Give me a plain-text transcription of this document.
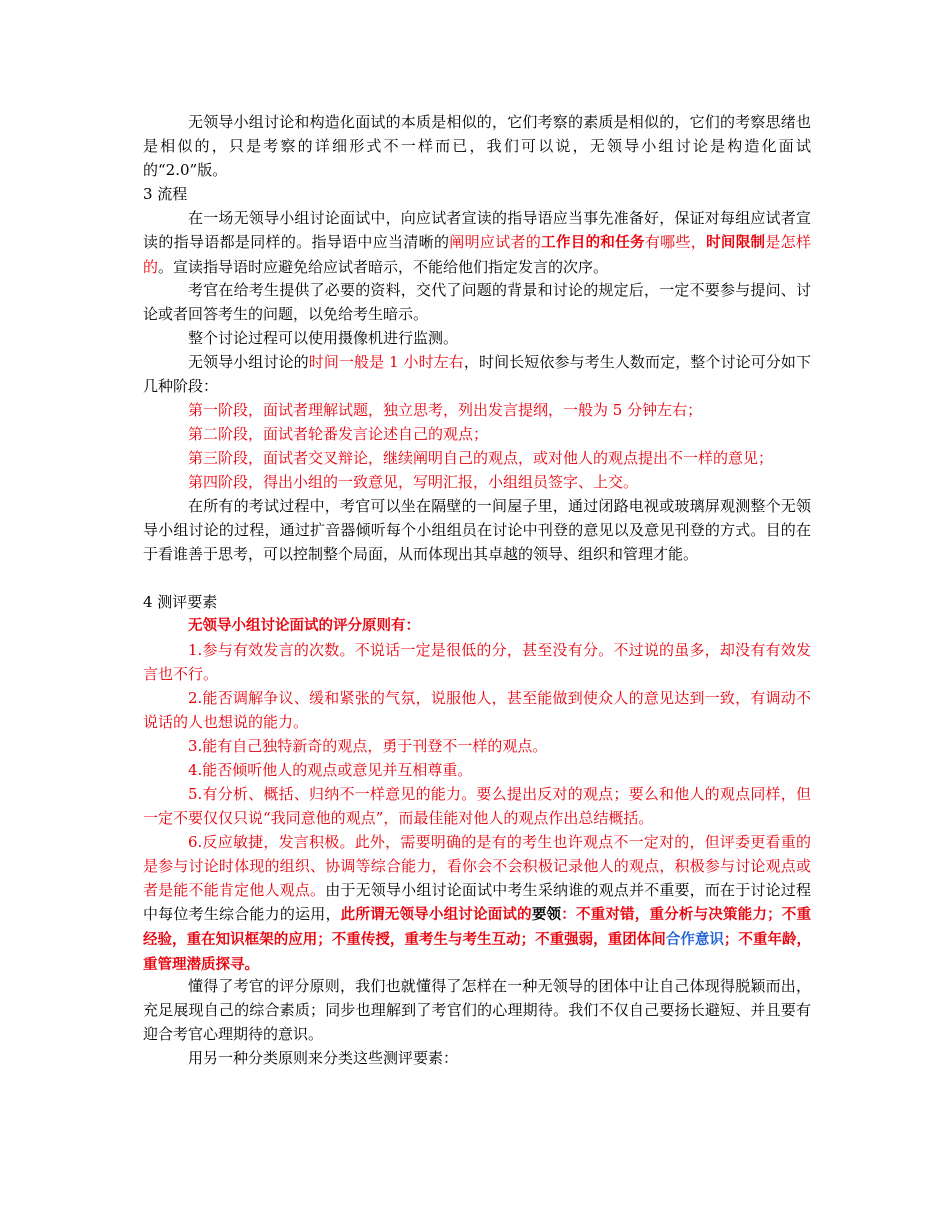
无领导小组讨论和构造化面试的本质是相似的，它们考察的素质是相似的，它们的考察思绪也是相似的，只是考察的详细形式不一样而已，我们可以说，无领导小组讨论是构造化面试的“2.0”版。

3 流程

在一场无领导小组讨论面试中，向应试者宣读的指导语应当事先准备好，保证对每组应试者宣读的指导语都是同样的。指导语中应当清晰的阐明应试者的工作目的和任务有哪些，时间限制是怎样的。宣读指导语时应避免给应试者暗示，不能给他们指定发言的次序。

考官在给考生提供了必要的资料，交代了问题的背景和讨论的规定后，一定不要参与提问、讨论或者回答考生的问题，以免给考生暗示。

整个讨论过程可以使用摄像机进行监测。

无领导小组讨论的时间一般是 1 小时左右，时间长短依参与考生人数而定，整个讨论可分如下几种阶段：

第一阶段，面试者理解试题，独立思考，列出发言提纲，一般为 5 分钟左右；

第二阶段，面试者轮番发言论述自己的观点；

第三阶段，面试者交叉辩论，继续阐明自己的观点，或对他人的观点提出不一样的意见；

第四阶段，得出小组的一致意见，写明汇报，小组组员签字、上交。

在所有的考试过程中，考官可以坐在隔壁的一间屋子里，通过闭路电视或玻璃屏观测整个无领导小组讨论的过程，通过扩音器倾听每个小组组员在讨论中刊登的意见以及意见刊登的方式。目的在于看谁善于思考，可以控制整个局面，从而体现出其卓越的领导、组织和管理才能。

4 测评要素

无领导小组讨论面试的评分原则有：

1.参与有效发言的次数。不说话一定是很低的分，甚至没有分。不过说的虽多，却没有有效发言也不行。

2.能否调解争议、缓和紧张的气氛，说服他人，甚至能做到使众人的意见达到一致，有调动不说话的人也想说的能力。

3.能有自己独特新奇的观点，勇于刊登不一样的观点。

4.能否倾听他人的观点或意见并互相尊重。

5.有分析、概括、归纳不一样意见的能力。要么提出反对的观点；要么和他人的观点同样，但一定不要仅仅只说“我同意他的观点”，而最佳能对他人的观点作出总结概括。

6.反应敏捷，发言积极。此外，需要明确的是有的考生也许观点不一定对的，但评委更看重的是参与讨论时体现的组织、协调等综合能力，看你会不会积极记录他人的观点，积极参与讨论观点或者是能不能肯定他人观点。由于无领导小组讨论面试中考生采纳谁的观点并不重要，而在于讨论过程中每位考生综合能力的运用，此所谓无领导小组讨论面试的要领：不重对错，重分析与决策能力；不重经验，重在知识框架的应用；不重传授，重考生与考生互动；不重强弱，重团体间合作意识；不重年龄，重管理潜质探寻。

懂得了考官的评分原则，我们也就懂得了怎样在一种无领导的团体中让自己体现得脱颖而出，充足展现自己的综合素质；同步也理解到了考官们的心理期待。我们不仅自己要扬长避短、并且要有迎合考官心理期待的意识。

用另一种分类原则来分类这些测评要素：
